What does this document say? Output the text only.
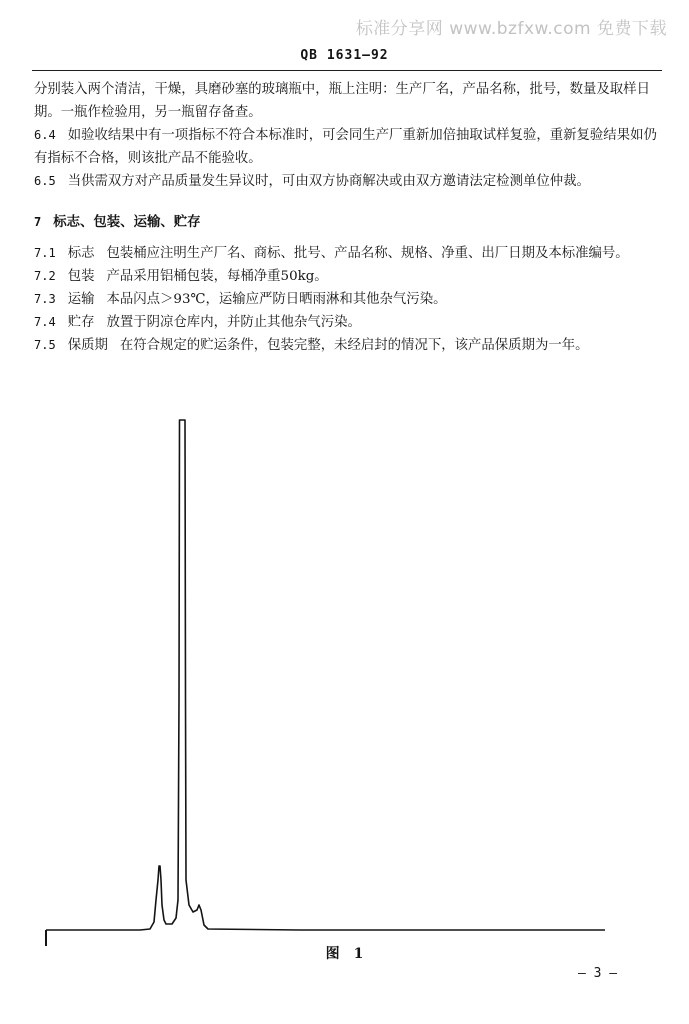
标准分享网 www.bzfxw.com 免费下载
QB 1631—92

分别装入两个清洁，干燥，具磨砂塞的玻璃瓶中，瓶上注明：生产厂名，产品名称，批号，数量及取样日期。一瓶作检验用，另一瓶留存备查。

6.4 如验收结果中有一项指标不符合本标准时，可会同生产厂重新加倍抽取试样复验，重新复验结果如仍有指标不合格，则该批产品不能验收。

6.5 当供需双方对产品质量发生异议时，可由双方协商解决或由双方邀请法定检测单位仲裁。

7 标志、包装、运输、贮存

7.1 标志 包装桶应注明生产厂名、商标、批号、产品名称、规格、净重、出厂日期及本标准编号。

7.2 包装 产品采用铝桶包装，每桶净重50kg。

7.3 运输 本品闪点＞93℃，运输应严防日晒雨淋和其他杂气污染。

7.4 贮存 放置于阴凉仓库内，并防止其他杂气污染。

7.5 保质期 在符合规定的贮运条件，包装完整，未经启封的情况下，该产品保质期为一年。

图　1
— 3 —
